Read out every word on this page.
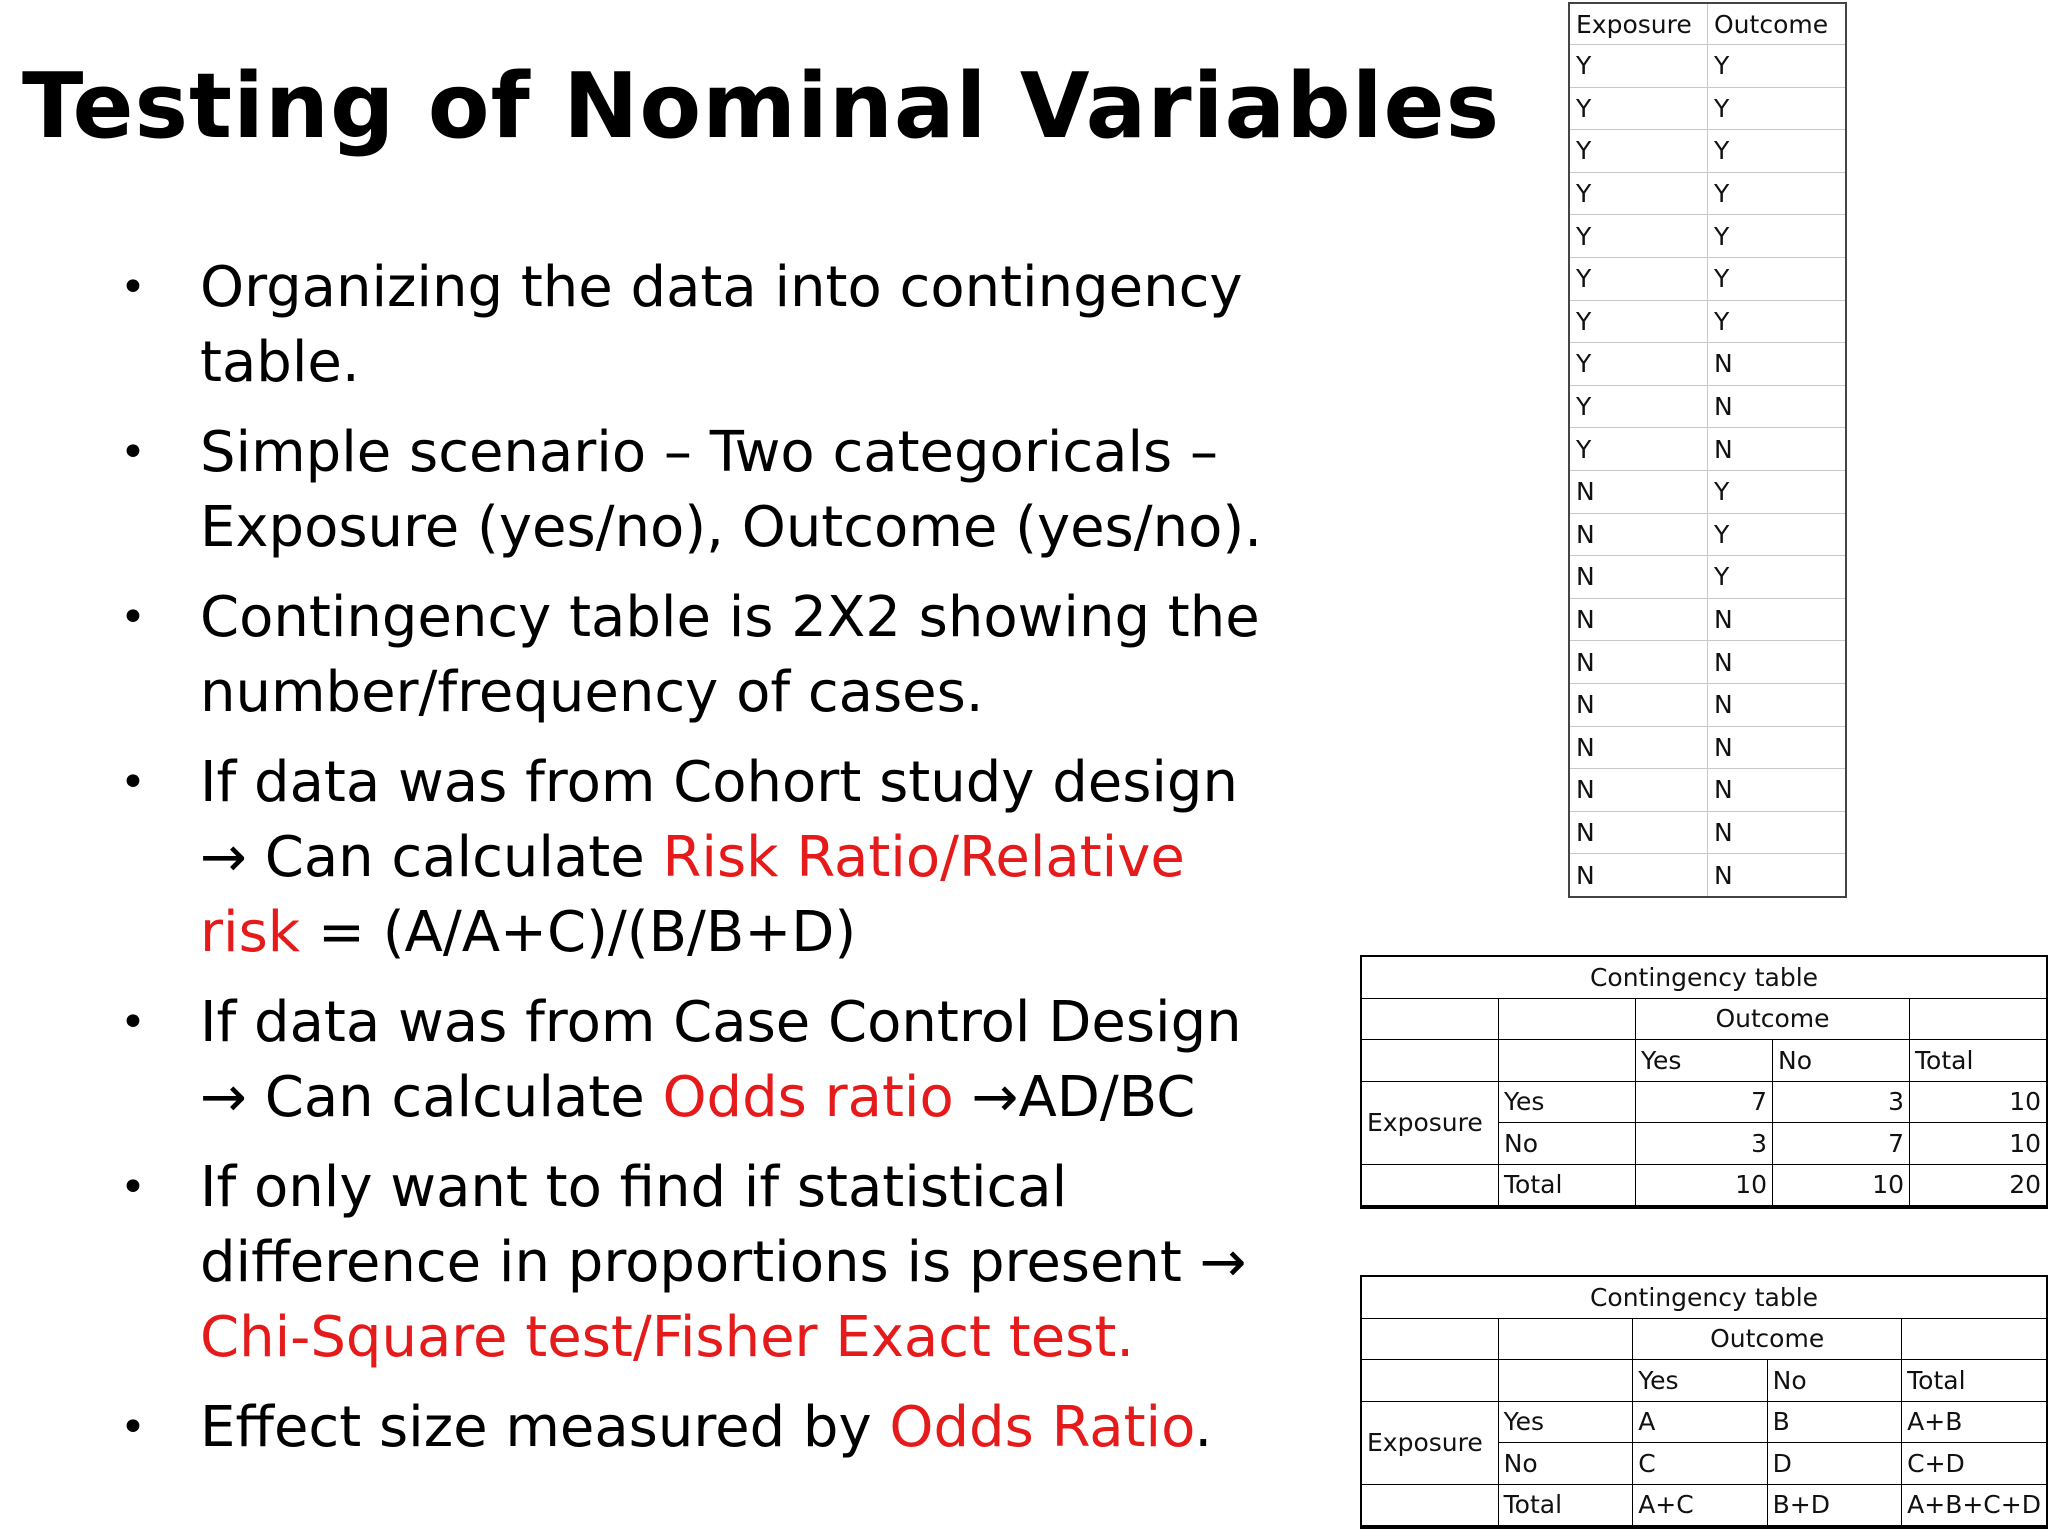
Testing of Nominal Variables
• Organizing the data into contingency
table.
• Simple scenario – Two categoricals –
Exposure (yes/no), Outcome (yes/no).
• Contingency table is 2X2 showing the
number/frequency of cases.
• If data was from Cohort study design
→ Can calculate Risk Ratio/Relative
risk = (A/A+C)/(B/B+D)
• If data was from Case Control Design
→ Can calculate Odds ratio →AD/BC
• If only want to find if statistical
difference in proportions is present →
Chi-Square test/Fisher Exact test.
• Effect size measured by Odds Ratio.
Exposure	Outcome
Y	Y
Y	Y
Y	Y
Y	Y
Y	Y
Y	Y
Y	Y
Y	N
Y	N
Y	N
N	Y
N	Y
N	Y
N	N
N	N
N	N
N	N
N	N
N	N
N	N
Contingency table				
		Outcome		
		Yes	No	Total
Exposure	Yes	7	3	10
	No	3	7	10
	Total	10	10	20
Contingency table				
		Outcome		
		Yes	No	Total
Exposure	Yes	A	B	A+B
	No	C	D	C+D
	Total	A+C	B+D	A+B+C+D
